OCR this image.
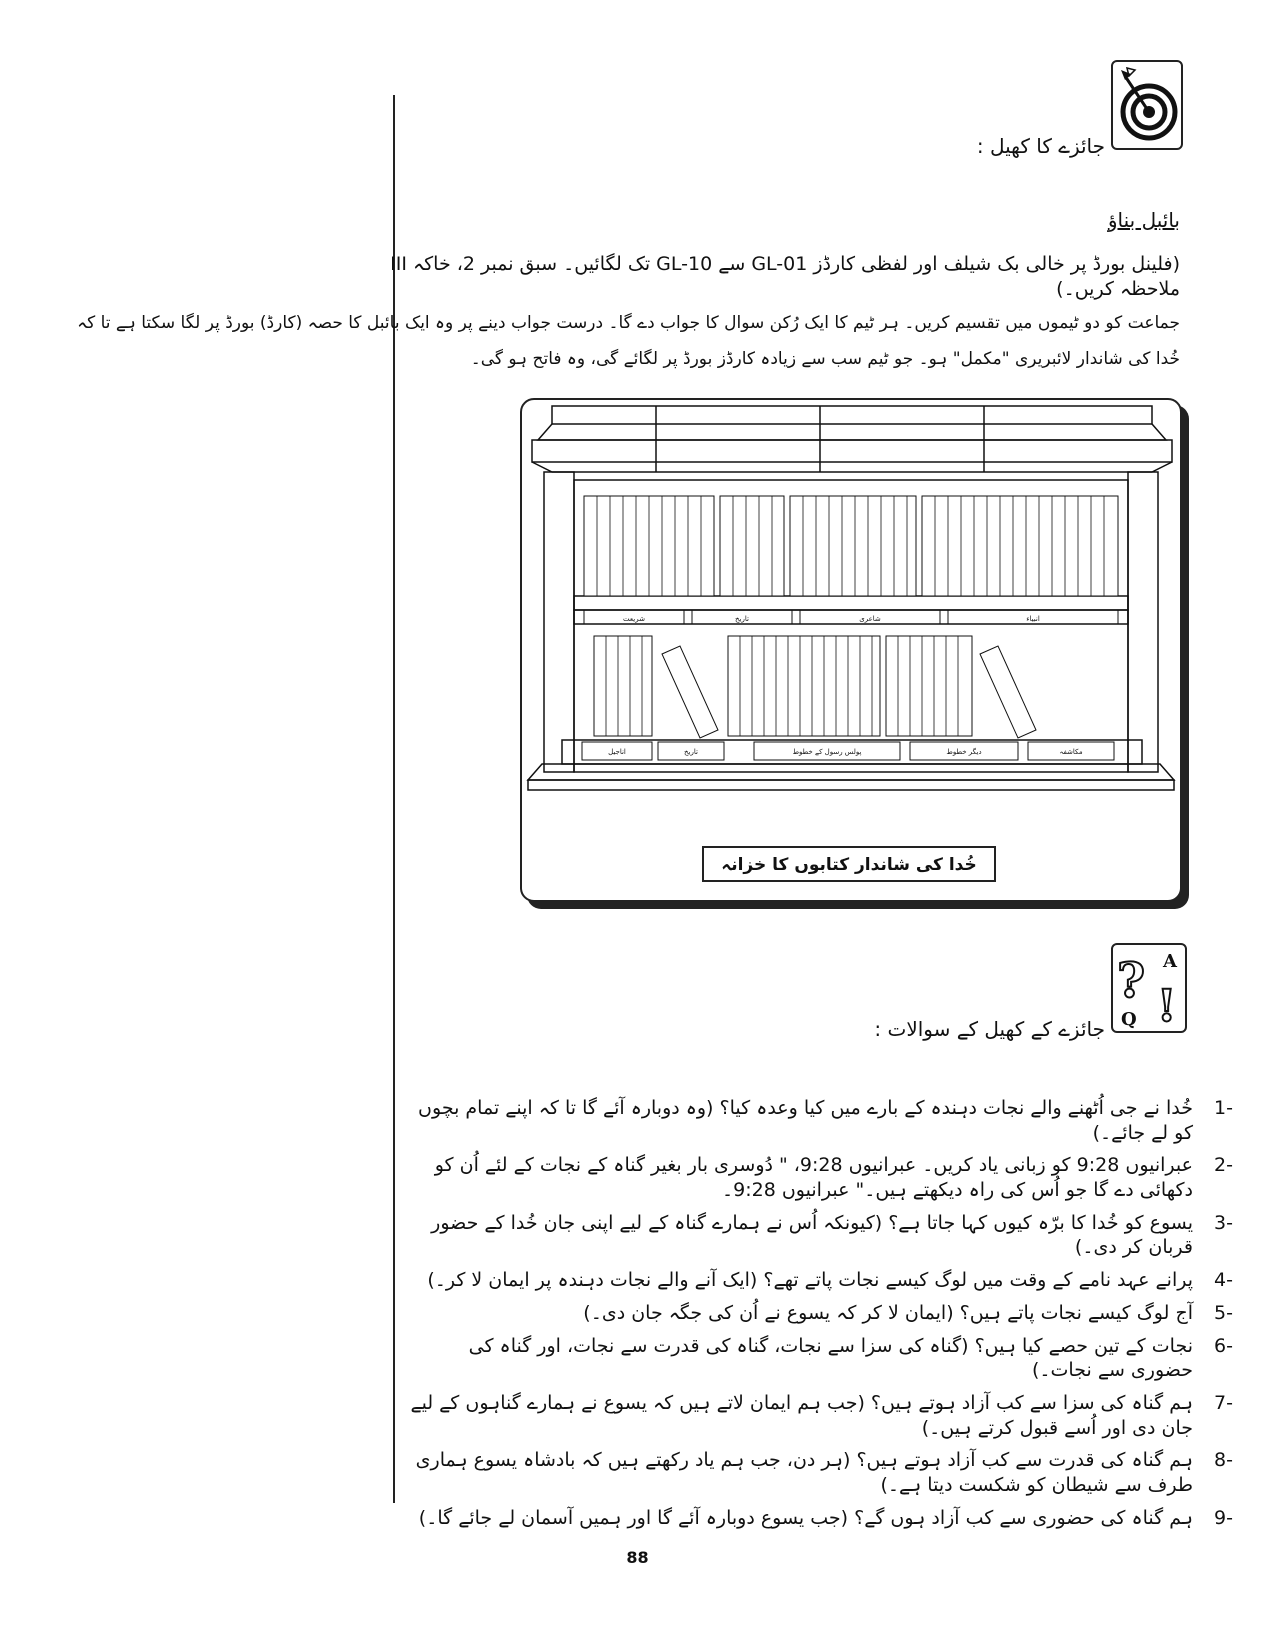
جائزے کا کھیل :
بائبل بناؤ
(فلینل بورڈ پر خالی بک شیلف اور لفظی کارڈز GL-01 سے GL-10 تک لگائیں۔ سبق نمبر 2، خاکہ III ملاحظہ کریں۔)
جماعت کو دو ٹیموں میں تقسیم کریں۔ ہر ٹیم کا ایک رُکن سوال کا جواب دے گا۔ درست جواب دینے پر وہ ایک بائبل کا حصہ (کارڈ) بورڈ پر لگا سکتا ہے تا کہ
خُدا کی شاندار لائبریری "مکمل" ہو۔ جو ٹیم سب سے زیادہ کارڈز بورڈ پر لگائے گی، وہ فاتح ہو گی۔
شریعت	تاریخ	شاعری	انبیاء
اناجیل	تاریخ	پولس رسول کے خطوط	دیگر خطوط	مکاشفہ
خُدا کی شاندار کتابوں کا خزانہ
?
Q
A
!
جائزے کے کھیل کے سوالات :
1-
خُدا نے جی اُٹھنے والے نجات دہندہ کے بارے میں کیا وعدہ کیا؟ (وہ دوبارہ آئے گا تا کہ اپنے تمام بچوں کو لے جائے۔)
2-
عبرانیوں 9:28 کو زبانی یاد کریں۔ عبرانیوں 9:28، " دُوسری بار بغیر گناہ کے نجات کے لئے اُن کو دکھائی دے گا جو اُس کی راہ دیکھتے ہیں۔" عبرانیوں 9:28۔
3-
یسوع کو خُدا کا برّہ کیوں کہا جاتا ہے؟ (کیونکہ اُس نے ہمارے گناہ کے لیے اپنی جان خُدا کے حضور قربان کر دی۔)
4-
پرانے عہد نامے کے وقت میں لوگ کیسے نجات پاتے تھے؟ (ایک آنے والے نجات دہندہ پر ایمان لا کر۔)
5-
آج لوگ کیسے نجات پاتے ہیں؟ (ایمان لا کر کہ یسوع نے اُن کی جگہ جان دی۔)
6-
نجات کے تین حصے کیا ہیں؟ (گناہ کی سزا سے نجات، گناہ کی قدرت سے نجات، اور گناہ کی حضوری سے نجات۔)
7-
ہم گناہ کی سزا سے کب آزاد ہوتے ہیں؟ (جب ہم ایمان لاتے ہیں کہ یسوع نے ہمارے گناہوں کے لیے جان دی اور اُسے قبول کرتے ہیں۔)
8-
ہم گناہ کی قدرت سے کب آزاد ہوتے ہیں؟ (ہر دن، جب ہم یاد رکھتے ہیں کہ بادشاہ یسوع ہماری طرف سے شیطان کو شکست دیتا ہے۔)
9-
ہم گناہ کی حضوری سے کب آزاد ہوں گے؟ (جب یسوع دوبارہ آئے گا اور ہمیں آسمان لے جائے گا۔)
88
